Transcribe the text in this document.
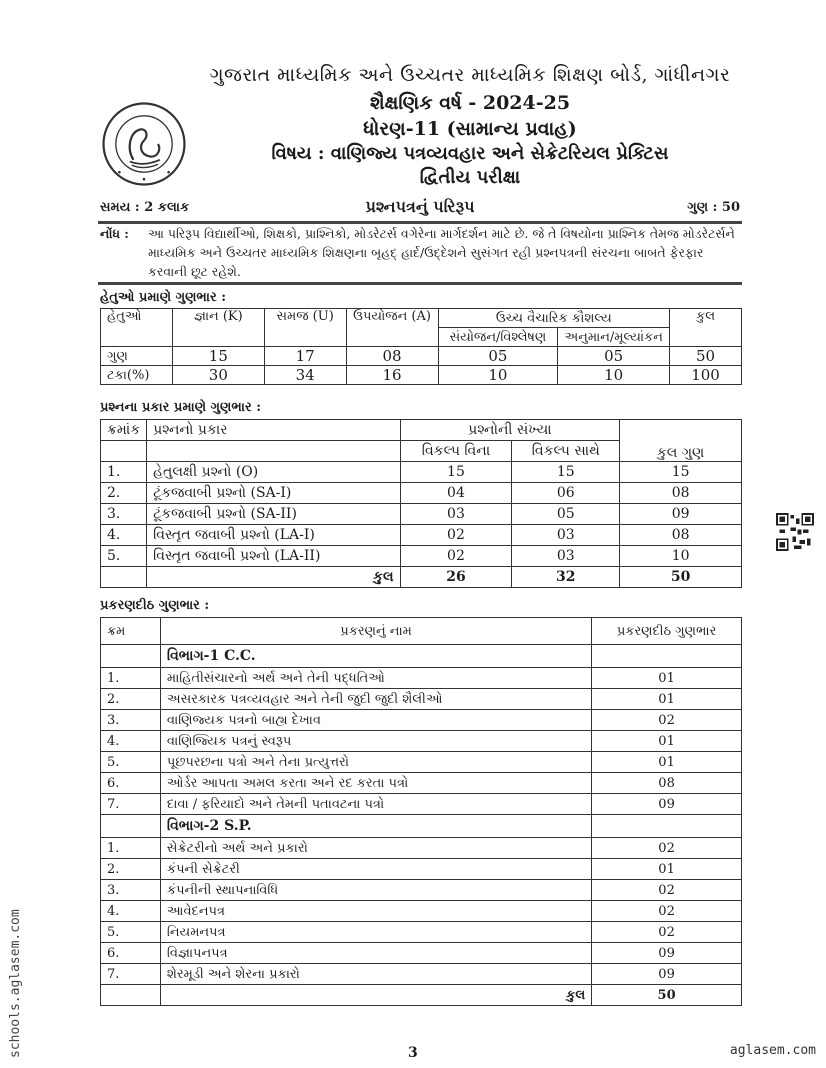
ગુજરાત માધ્યમિક અને ઉચ્ચતર માધ્યમિક શિક્ષણ બોર્ડ, ગાંધીનગર
શૈક્ષણિક વર્ષ - 2024-25
ધોરણ-11 (સામાન્ય પ્રવાહ)
વિષય : વાણિજ્ય પત્રવ્યવહાર અને સેક્રેટરિયલ પ્રેક્ટિસ
દ્વિતીય પરીક્ષા
સમય : 2 કલાક	પ્રશ્નપત્રનું પરિરૂપ	ગુણ : 50
નોંધ : આ પરિરૂપ વિદ્યાર્થીઓ, શિક્ષકો, પ્રાશ્નિકો, મોડરેટર્સ વગેરેના માર્ગદર્શન માટે છે. જે તે વિષયોના પ્રાશ્નિક તેમજ મોડરેટર્સને માધ્યમિક અને ઉચ્ચતર માધ્યમિક શિક્ષણના બૃહદ્ હાર્દ/ઉદ્દેશને સુસંગત રહી પ્રશ્નપત્રની સંરચના બાબતે ફેરફાર કરવાની છૂટ રહેશે.
હેતુઓ પ્રમાણે ગુણભાર :
હેતુઓ	જ્ઞાન (K)	સમજ (U)	ઉપયોજન (A)	ઉચ્ચ વૈચારિક કૌશલ્ય		કુલ
				સંયોજન/વિશ્લેષણ	અનુમાન/મૂલ્યાંકન	
ગુણ	15	17	08	05	05	50
ટકા(%)	30	34	16	10	10	100
પ્રશ્નના પ્રકાર પ્રમાણે ગુણભાર :
ક્રમાંક	પ્રશ્નનો પ્રકાર	પ્રશ્નોની સંખ્યા		કુલ ગુણ
		વિકલ્પ વિના	વિકલ્પ સાથે	
1.	હેતુલક્ષી પ્રશ્નો (O)	15	15	15
2.	ટૂંકજવાબી પ્રશ્નો (SA-I)	04	06	08
3.	ટૂંકજવાબી પ્રશ્નો (SA-II)	03	05	09
4.	વિસ્તૃત જવાબી પ્રશ્નો (LA-I)	02	03	08
5.	વિસ્તૃત જવાબી પ્રશ્નો (LA-II)	02	03	10
	કુલ	26	32	50
પ્રકરણદીઠ ગુણભાર :
ક્રમ	પ્રકરણનું નામ	પ્રકરણદીઠ ગુણભાર
	વિભાગ-1 C.C.	
1.	માહિતીસંચારનો અર્થ અને તેની પદ્ધતિઓ	01
2.	અસરકારક પત્રવ્યવહાર અને તેની જુદી જુદી શૈલીઓ	01
3.	વાણિજ્યક પત્રનો બાહ્ય દેખાવ	02
4.	વાણિજ્યિક પત્રનું સ્વરૂપ	01
5.	પૂછપરછના પત્રો અને તેના પ્રત્યુત્તરો	01
6.	ઓર્ડર આપતા અમલ કરતા અને રદ કરતા પત્રો	08
7.	દાવા / ફરિયાદો અને તેમની પતાવટના પત્રો	09
	વિભાગ-2 S.P.	
1.	સેક્રેટરીનો અર્થ અને પ્રકારો	02
2.	કંપની સેક્રેટરી	01
3.	કંપનીની સ્થાપનાવિધિ	02
4.	આવેદનપત્ર	02
5.	નિયમનપત્ર	02
6.	વિજ્ઞાપનપત્ર	09
7.	શેરમૂડી અને શેરના પ્રકારો	09
	કુલ	50
schools.aglasem.com	3	aglasem.com
